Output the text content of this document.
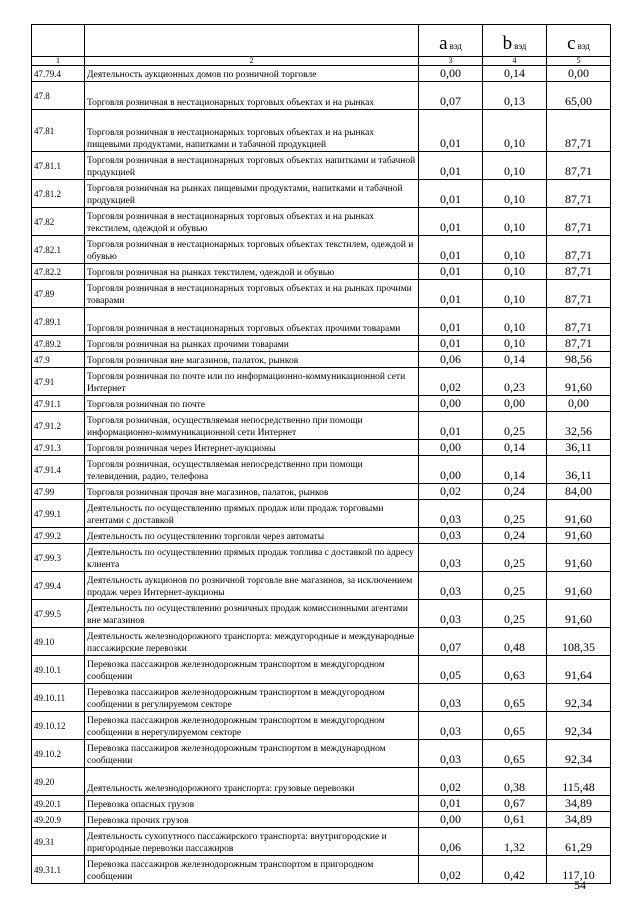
		a вэд	b вэд	c вэд
1	2	3	4	5
47.79.4	Деятельность аукционных домов по розничной торговле	0,00	0,14	0,00
47.8	Торговля розничная в нестационарных торговых объектах и на рынках	0,07	0,13	65,00
47.81	Торговля розничная в нестационарных торговых объектах и на рынках пищевыми продуктами, напитками и табачной продукцией	0,01	0,10	87,71
47.81.1	Торговля розничная в нестационарных торговых объектах напитками и табачной продукцией	0,01	0,10	87,71
47.81.2	Торговля розничная на рынках пищевыми продуктами, напитками и табачной продукцией	0,01	0,10	87,71
47.82	Торговля розничная в нестационарных торговых объектах и на рынках текстилем, одеждой и обувью	0,01	0,10	87,71
47.82.1	Торговля розничная в нестационарных торговых объектах текстилем, одеждой и обувью	0,01	0,10	87,71
47.82.2	Торговля розничная на рынках текстилем, одеждой и обувью	0,01	0,10	87,71
47.89	Торговля розничная в нестационарных торговых объектах и на рынках прочими товарами	0,01	0,10	87,71
47.89.1	Торговля розничная в нестационарных торговых объектах прочими товарами	0,01	0,10	87,71
47.89.2	Торговля розничная на рынках прочими товарами	0,01	0,10	87,71
47.9	Торговля розничная вне магазинов, палаток, рынков	0,06	0,14	98,56
47.91	Торговля розничная по почте или по информационно-коммуникационной сети Интернет	0,02	0,23	91,60
47.91.1	Торговля розничная по почте	0,00	0,00	0,00
47.91.2	Торговля розничная, осуществляемая непосредственно при помощи информационно-коммуникационной сети Интернет	0,01	0,25	32,56
47.91.3	Торговля розничная через Интернет-аукционы	0,00	0,14	36,11
47.91.4	Торговля розничная, осуществляемая непосредственно при помощи телевидения, радио, телефона	0,00	0,14	36,11
47.99	Торговля розничная прочая вне магазинов, палаток, рынков	0,02	0,24	84,00
47.99.1	Деятельность по осуществлению прямых продаж или продаж торговыми агентами с доставкой	0,03	0,25	91,60
47.99.2	Деятельность по осуществлению торговли через автоматы	0,03	0,24	91,60
47.99.3	Деятельность по осуществлению прямых продаж топлива с доставкой по адресу клиента	0,03	0,25	91,60
47.99.4	Деятельность аукционов по розничной торговле вне магазинов, за исключением продаж через Интернет-аукционы	0,03	0,25	91,60
47.99.5	Деятельность по осуществлению розничных продаж комиссионными агентами вне магазинов	0,03	0,25	91,60
49.10	Деятельность железнодорожного транспорта: междугородные и международные пассажирские перевозки	0,07	0,48	108,35
49.10.1	Перевозка пассажиров железнодорожным транспортом в междугородном сообщении	0,05	0,63	91,64
49.10.11	Перевозка пассажиров железнодорожным транспортом в междугородном сообщении в регулируемом секторе	0,03	0,65	92,34
49.10.12	Перевозка пассажиров железнодорожным транспортом в междугородном сообщении в нерегулируемом секторе	0,03	0,65	92,34
49.10.2	Перевозка пассажиров железнодорожным транспортом в международном сообщении	0,03	0,65	92,34
49.20	Деятельность железнодорожного транспорта: грузовые перевозки	0,02	0,38	115,48
49.20.1	Перевозка опасных грузов	0,01	0,67	34,89
49.20.9	Перевозка прочих грузов	0,00	0,61	34,89
49.31	Деятельность сухопутного пассажирского транспорта: внутригородские и пригородные перевозки пассажиров	0,06	1,32	61,29
49.31.1	Перевозка пассажиров железнодорожным транспортом в пригородном сообщении	0,02	0,42	117,10
54
